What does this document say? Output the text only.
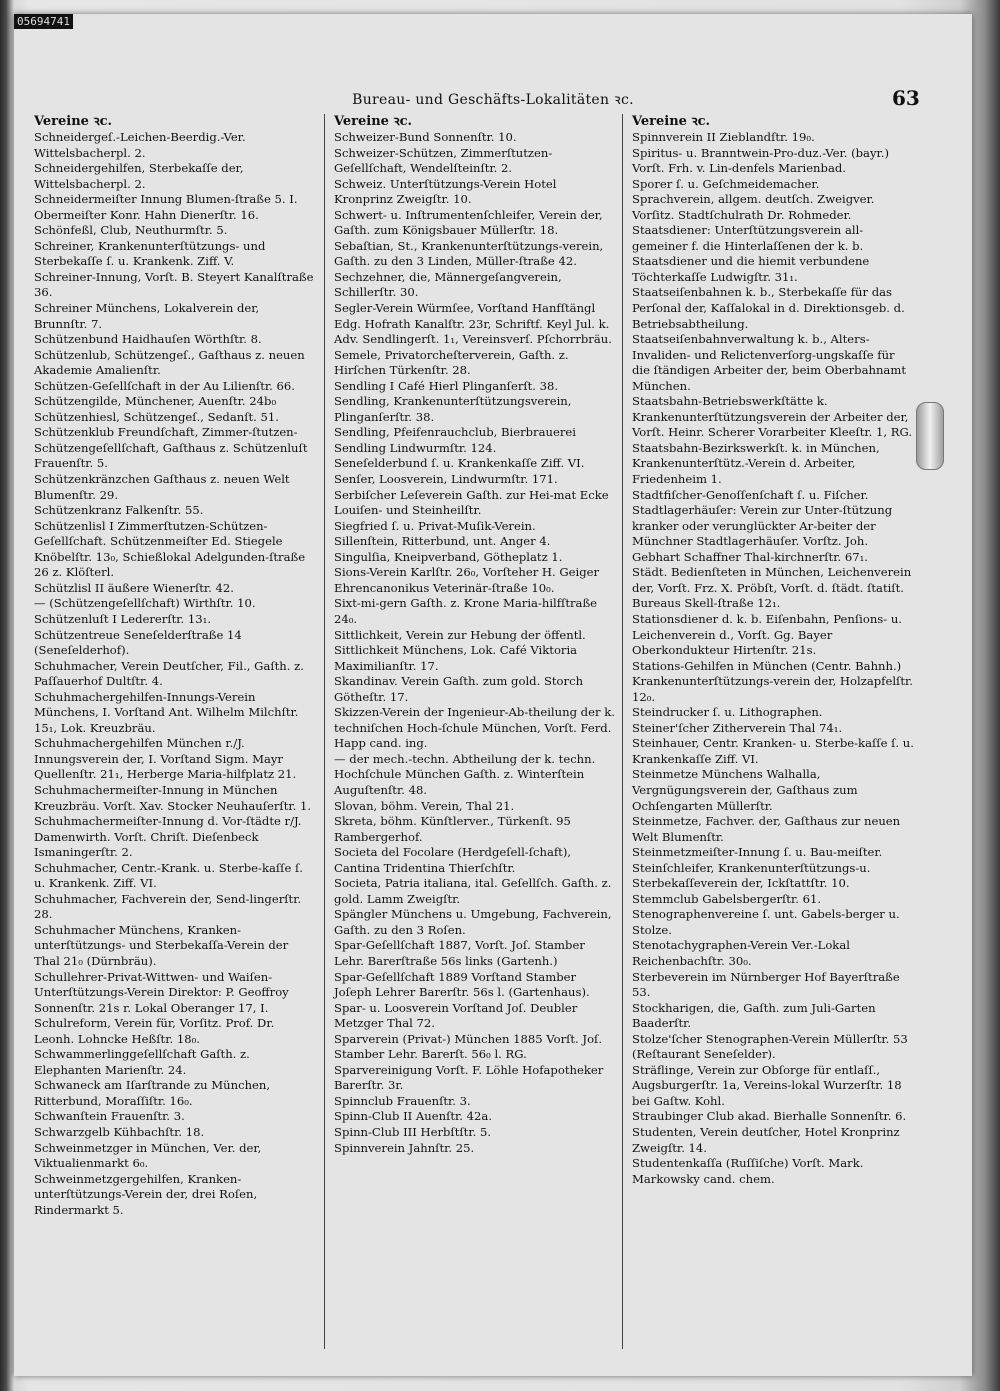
05694741
Bureau- und Geschäfts-Lokalitäten ꝛc.	63
Vereine ꝛc.

Schneidergeſ.-Leichen-Beerdig.-Ver. Wittelsbacherpl. 2.

Schneidergehilfen, Sterbekaſſe der, Wittelsbacherpl. 2.

Schneidermeiſter Innung Blumen-ſtraße 5. I. Obermeiſter Konr. Hahn Dienerſtr. 16.

Schönfeßl, Club, Neuthurmſtr. 5.

Schreiner, Krankenunterſtützungs- und Sterbekaſſe ſ. u. Krankenk. Ziff. V.

Schreiner-Innung, Vorſt. B. Steyert Kanalſtraße 36.

Schreiner Münchens, Lokalverein der, Brunnſtr. 7.

Schützenbund Haidhauſen Wörthſtr. 8.

Schützenlub, Schützengeſ., Gaſthaus z. neuen Akademie Amalienſtr.

Schützen-Geſellſchaft in der Au Lilienſtr. 66.

Schützengilde, Münchener, Auenſtr. 24b₀

Schützenhiesl, Schützengeſ., Sedanſt. 51.

Schützenklub Freundſchaft, Zimmer-ſtutzen-Schützengeſellſchaft, Gaſthaus z. Schützenluſt Frauenſtr. 5.

Schützenkränzchen Gaſthaus z. neuen Welt Blumenſtr. 29.

Schützenkranz Falkenſtr. 55.

Schützenlisl I Zimmerſtutzen-Schützen-Geſellſchaft. Schützenmeiſter Ed. Stiegele Knöbelſtr. 13₀, Schießlokal Adelgunden-ſtraße 26 z. Klöſterl.

Schützlisl II äußere Wienerſtr. 42.

— (Schützengeſellſchaft) Wirthſtr. 10.

Schützenluſt I Ledererſtr. 13₁.

Schützentreue Seneſelderſtraße 14 (Seneſelderhof).

Schuhmacher, Verein Deutſcher, Fil., Gaſth. z. Paſſauerhof Dultſtr. 4.

Schuhmachergehilfen-Innungs-Verein Münchens, I. Vorſtand Ant. Wilhelm Milchſtr. 15₁, Lok. Kreuzbräu.

Schuhmachergehilfen München r./J. Innungsverein der, I. Vorſtand Sigm. Mayr Quellenſtr. 21₁, Herberge Maria-hilfplatz 21.

Schuhmachermeiſter-Innung in München Kreuzbräu. Vorſt. Xav. Stocker Neuhauſerſtr. 1.

Schuhmachermeiſter-Innung d. Vor-ſtädte r/J. Damenwirth. Vorſt. Chriſt. Dieſenbeck Ismaningerſtr. 2.

Schuhmacher, Centr.-Krank. u. Sterbe-kaſſe ſ. u. Krankenk. Ziff. VI.

Schuhmacher, Fachverein der, Send-lingerſtr. 28.

Schuhmacher Münchens, Kranken-unterſtützungs- und Sterbekaſſa-Verein der Thal 21₀ (Dürnbräu).

Schullehrer-Privat-Wittwen- und Waiſen-Unterſtützungs-Verein Direktor: P. Geoffroy Sonnenſtr. 21s r. Lokal Oberanger 17, I.

Schulreform, Verein für, Vorſitz. Prof. Dr. Leonh. Lohncke Heßſtr. 18₀.

Schwammerlinggeſellſchaft Gaſth. z. Elephanten Marienſtr. 24.

Schwaneck am Iſarſtrande zu München, Ritterbund, Moraſſiſtr. 16₀.

Schwanſtein Frauenſtr. 3.

Schwarzgelb Kühbachſtr. 18.

Schweinmetzger in München, Ver. der, Viktualienmarkt 6₀.

Schweinmetzgergehilfen, Kranken-unterſtützungs-Verein der, drei Roſen, Rindermarkt 5.

Vereine ꝛc.

Schweizer-Bund Sonnenſtr. 10.

Schweizer-Schützen, Zimmerſtutzen-Geſellſchaft, Wendelſteinſtr. 2.

Schweiz. Unterſtützungs-Verein Hotel Kronprinz Zweigſtr. 10.

Schwert- u. Inſtrumentenſchleifer, Verein der, Gaſth. zum Königsbauer Müllerſtr. 18.

Sebaſtian, St., Krankenunterſtützungs-verein, Gaſth. zu den 3 Linden, Müller-ſtraße 42.

Sechzehner, die, Männergeſangverein, Schillerſtr. 30.

Segler-Verein Würmſee, Vorſtand Hanfſtängl Edg. Hofrath Kanalſtr. 23r, Schriftf. Keyl Jul. k. Adv. Sendlingerſt. 1₁, Vereinsverſ. Pſchorrbräu.

Semele, Privatorcheſterverein, Gaſth. z. Hirſchen Türkenſtr. 28.

Sendling I Café Hierl Plinganſerſt. 38.

Sendling, Krankenunterſtützungsverein, Plinganſerſtr. 38.

Sendling, Pfeifenrauchclub, Bierbrauerei Sendling Lindwurmſtr. 124.

Seneſelderbund ſ. u. Krankenkaſſe Ziff. VI.

Senſer, Loosverein, Lindwurmſtr. 171.

Serbiſcher Leſeverein Gaſth. zur Hei-mat Ecke Louiſen- und Steinheilſtr.

Siegfried ſ. u. Privat-Muſik-Verein.

Sillenſtein, Ritterbund, unt. Anger 4.

Singulſia, Kneipverband, Götheplatz 1.

Sions-Verein Karlſtr. 26₀, Vorſteher H. Geiger Ehrencanonikus Veterinär-ſtraße 10₀.

Sixt-mi-gern Gaſth. z. Krone Maria-hilfſtraße 24₀.

Sittlichkeit, Verein zur Hebung der öffentl. Sittlichkeit Münchens, Lok. Café Viktoria Maximilianſtr. 17.

Skandinav. Verein Gaſth. zum gold. Storch Götheſtr. 17.

Skizzen-Verein der Ingenieur-Ab-theilung der k. techniſchen Hoch-ſchule München, Vorſt. Ferd. Happ cand. ing.

— der mech.-techn. Abtheilung der k. techn. Hochſchule München Gaſth. z. Winterſtein Auguſtenſtr. 48.

Slovan, böhm. Verein, Thal 21.

Skreta, böhm. Künſtlerver., Türkenſt. 95 Rambergerhof.

Societa del Focolare (Herdgeſell-ſchaft), Cantina Tridentina Thierſchſtr.

Societa, Patria italiana, ital. Geſellſch. Gaſth. z. gold. Lamm Zweigſtr.

Spängler Münchens u. Umgebung, Fachverein, Gaſth. zu den 3 Roſen.

Spar-Geſellſchaft 1887, Vorſt. Joſ. Stamber Lehr. Barerſtraße 56s links (Gartenh.)

Spar-Geſellſchaft 1889 Vorſtand Stamber Joſeph Lehrer Barerſtr. 56s l. (Gartenhaus).

Spar- u. Loosverein Vorſtand Joſ. Deubler Metzger Thal 72.

Sparverein (Privat-) München 1885 Vorſt. Joſ. Stamber Lehr. Barerſt. 56₀ l. RG.

Sparvereinigung Vorſt. F. Löhle Hofapotheker Barerſtr. 3r.

Spinnclub Frauenſtr. 3.

Spinn-Club II Auenſtr. 42a.

Spinn-Club III Herbſtſtr. 5.

Spinnverein Jahnſtr. 25.

Vereine ꝛc.

Spinnverein II Zieblandſtr. 19₀.

Spiritus- u. Branntwein-Pro-duz.-Ver. (bayr.) Vorſt. Frh. v. Lin-denfels Marienbad.

Sporer ſ. u. Geſchmeidemacher.

Sprachverein, allgem. deutſch. Zweigver. Vorſitz. Stadtſchulrath Dr. Rohmeder.

Staatsdiener: Unterſtützungsverein all-gemeiner f. die Hinterlaſſenen der k. b. Staatsdiener und die hiemit verbundene Töchterkaſſe Ludwigſtr. 31₁.

Staatseiſenbahnen k. b., Sterbekaſſe für das Perſonal der, Kaſſalokal in d. Direktionsgeb. d. Betriebsabtheilung.

Staatseiſenbahnverwaltung k. b., Alters-Invaliden- und Relictenverſorg-ungskaſſe für die ſtändigen Arbeiter der, beim Oberbahnamt München.

Staatsbahn-Betriebswerkſtätte k. Krankenunterſtützungsverein der Arbeiter der, Vorſt. Heinr. Scherer Vorarbeiter Kleeſtr. 1, RG.

Staatsbahn-Bezirkswerkſt. k. in München, Krankenunterſtütz.-Verein d. Arbeiter, Friedenheim 1.

Stadtfiſcher-Genoſſenſchaft ſ. u. Fiſcher.

Stadtlagerhäuſer: Verein zur Unter-ſtützung kranker oder verunglückter Ar-beiter der Münchner Stadtlagerhäuſer. Vorſtz. Joh. Gebhart Schaffner Thal-kirchnerſtr. 67₁.

Städt. Bedienſteten in München, Leichenverein der, Vorſt. Frz. X. Pröbſt, Vorſt. d. ſtädt. ſtatiſt. Bureaus Skell-ſtraße 12₁.

Stationsdiener d. k. b. Eiſenbahn, Penſions- u. Leichenverein d., Vorſt. Gg. Bayer Oberkondukteur Hirtenſtr. 21s.

Stations-Gehilfen in München (Centr. Bahnh.) Krankenunterſtützungs-verein der, Holzapfelſtr. 12₀.

Steindrucker ſ. u. Lithographen.

Steiner'ſcher Zitherverein Thal 74₁.

Steinhauer, Centr. Kranken- u. Sterbe-kaſſe ſ. u. Krankenkaſſe Ziff. VI.

Steinmetze Münchens Walhalla, Vergnügungsverein der, Gaſthaus zum Ochſengarten Müllerſtr.

Steinmetze, Fachver. der, Gaſthaus zur neuen Welt Blumenſtr.

Steinmetzmeiſter-Innung ſ. u. Bau-meiſter.

Steinſchleifer, Krankenunterſtützungs-u. Sterbekaſſeverein der, Ickſtattſtr. 10.

Stemmclub Gabelsbergerſtr. 61.

Stenographenvereine ſ. unt. Gabels-berger u. Stolze.

Stenotachygraphen-Verein Ver.-Lokal Reichenbachſtr. 30₀.

Sterbeverein im Nürnberger Hof Bayerſtraße 53.

Stockharigen, die, Gaſth. zum Juli-Garten Baaderſtr.

Stolze'ſcher Stenographen-Verein Müllerſtr. 53 (Reſtaurant Seneſelder).

Sträflinge, Verein zur Obſorge für entlaſſ., Augsburgerſtr. 1a, Vereins-lokal Wurzerſtr. 18 bei Gaſtw. Kohl.

Straubinger Club akad. Bierhalle Sonnenſtr. 6.

Studenten, Verein deutſcher, Hotel Kronprinz Zweigſtr. 14.

Studentenkaſſa (Ruſſiſche) Vorſt. Mark. Markowsky cand. chem.
